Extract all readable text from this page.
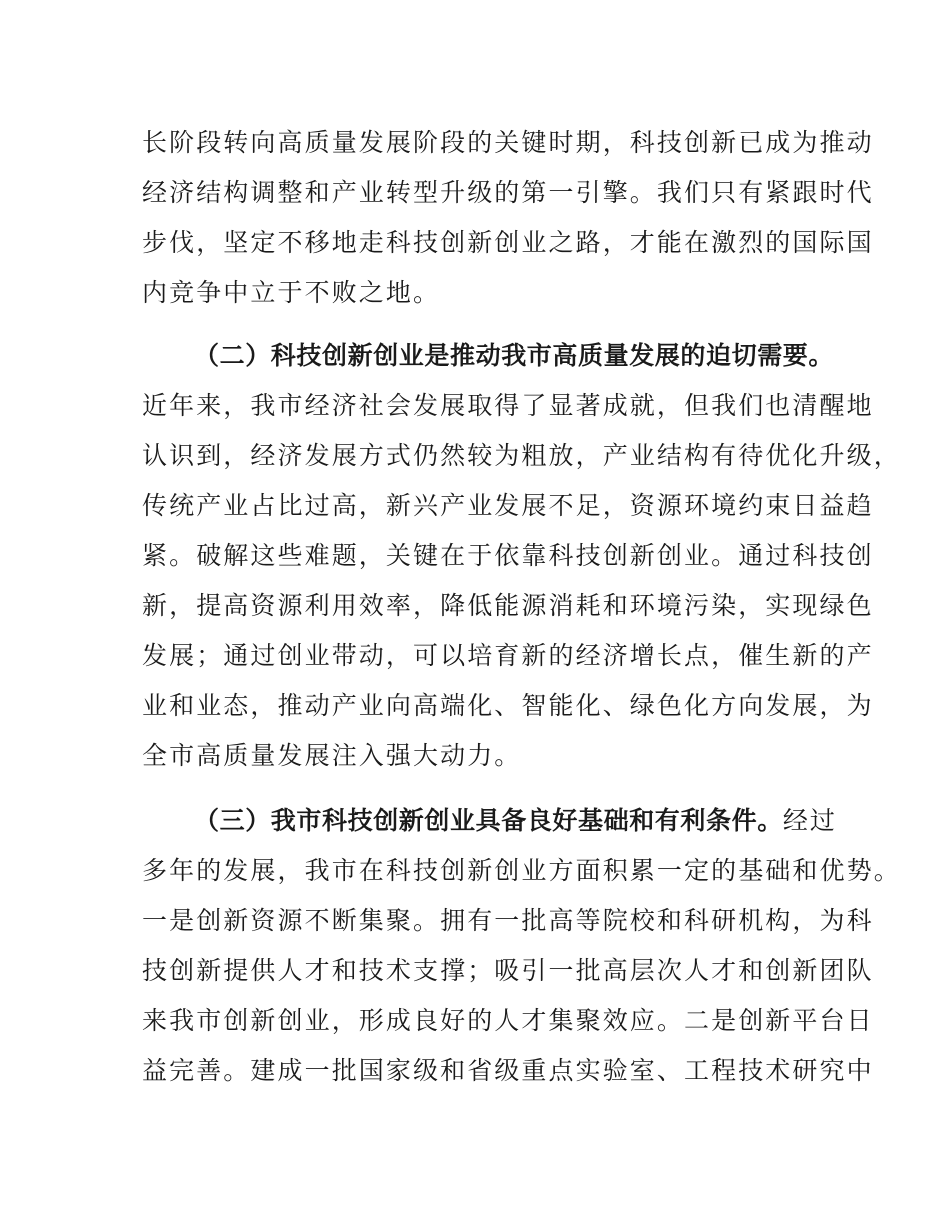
长阶段转向高质量发展阶段的关键时期，科技创新已成为推动
经济结构调整和产业转型升级的第一引擎。我们只有紧跟时代
步伐，坚定不移地走科技创新创业之路，才能在激烈的国际国
内竞争中立于不败之地。
（二）科技创新创业是推动我市高质量发展的迫切需要。
近年来，我市经济社会发展取得了显著成就，但我们也清醒地
认识到，经济发展方式仍然较为粗放，产业结构有待优化升级，
传统产业占比过高，新兴产业发展不足，资源环境约束日益趋
紧。破解这些难题，关键在于依靠科技创新创业。通过科技创
新，提高资源利用效率，降低能源消耗和环境污染，实现绿色
发展；通过创业带动，可以培育新的经济增长点，催生新的产
业和业态，推动产业向高端化、智能化、绿色化方向发展，为
全市高质量发展注入强大动力。
（三）我市科技创新创业具备良好基础和有利条件。经过
多年的发展，我市在科技创新创业方面积累一定的基础和优势。
一是创新资源不断集聚。拥有一批高等院校和科研机构，为科
技创新提供人才和技术支撑；吸引一批高层次人才和创新团队
来我市创新创业，形成良好的人才集聚效应。二是创新平台日
益完善。建成一批国家级和省级重点实验室、工程技术研究中
